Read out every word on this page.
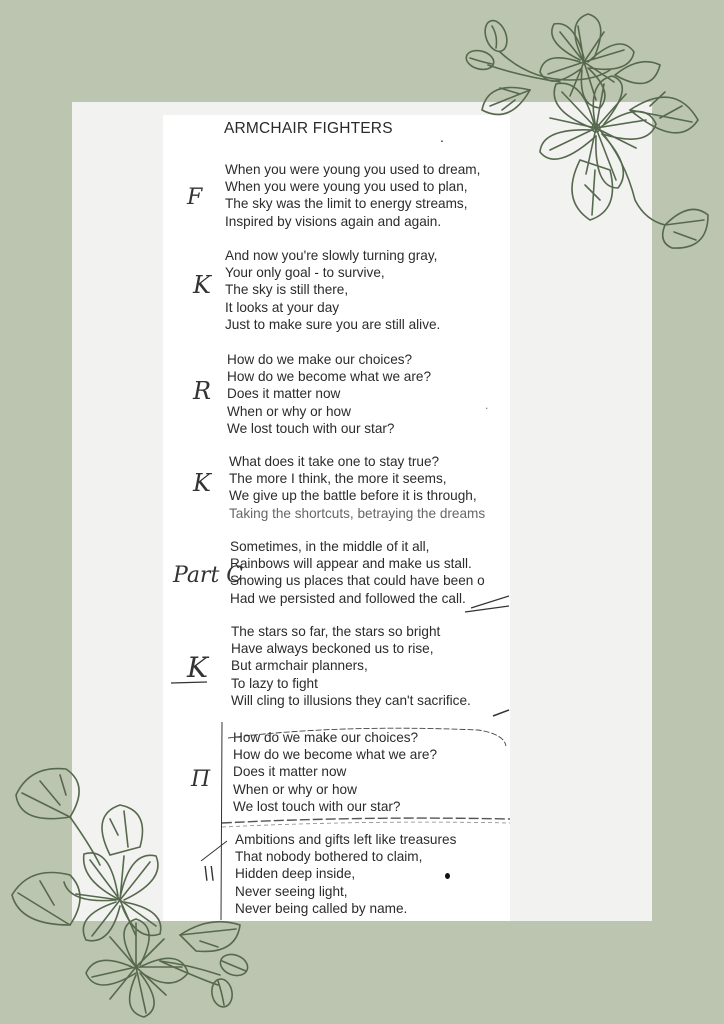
ARMCHAIR FIGHTERS	.
When you were young you used to dream,
When you were young you used to plan,
The sky was the limit to energy streams,
Inspired by visions again and again.
F
And now you're slowly turning gray,
Your only goal - to survive,
The sky is still there,
It looks at your day
Just to make sure you are still alive.
K
How do we make our choices?
How do we become what we are?
Does it matter now
When or why or how
We lost touch with our star?
R	.
What does it take one to stay true?
The more I think, the more it seems,
We give up the battle before it is through,
Taking the shortcuts, betraying the dreams
K
Sometimes, in the middle of it all,
Rainbows will appear and make us stall.
Showing us places that could have been o
Had we persisted and followed the call.
Part C
The stars so far, the stars so bright
Have always beckoned us to rise,
But armchair planners,
To lazy to fight
Will cling to illusions they can't sacrifice.
K
How do we make our choices?
How do we become what we are?
Does it matter now
When or why or how
We lost touch with our star?
Π
Ambitions and gifts left like treasures
That nobody bothered to claim,
Hidden deep inside,
Never seeing light,
Never being called by name.
\\
